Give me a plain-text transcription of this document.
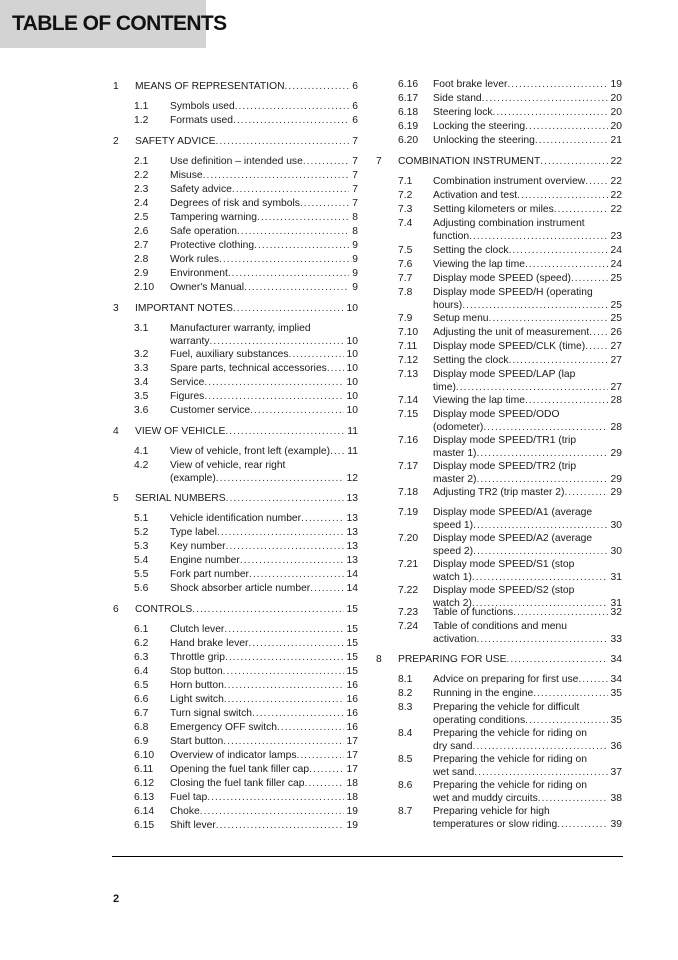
TABLE OF CONTENTS
1 MEANS OF REPRESENTATION .....	6
1.1 Symbols used .....	6
1.2 Formats used .....	6
2 SAFETY ADVICE .....	7
2.1 Use definition – intended use .....	7
2.2 Misuse .....	7
2.3 Safety advice .....	7
2.4 Degrees of risk and symbols .....	7
2.5 Tampering warning .....	8
2.6 Safe operation .....	8
2.7 Protective clothing .....	9
2.8 Work rules .....	9
2.9 Environment .....	9
2.10 Owner's Manual .....	9
3 IMPORTANT NOTES .....	10
3.1 Manufacturer warranty, implied
warranty .....	10
3.2 Fuel, auxiliary substances .....	10
3.3 Spare parts, technical accessories ..... 10
3.4 Service .....	10
3.5 Figures .....	10
3.6 Customer service .....	10
4 VIEW OF VEHICLE .....	11
4.1 View of vehicle, front left (example) ..... 11
4.2 View of vehicle, rear right
(example) .....	12
5 SERIAL NUMBERS .....	13
5.1 Vehicle identification number .....	13
5.2 Type label .....	13
5.3 Key number .....	13
5.4 Engine number .....	13
5.5 Fork part number .....	14
5.6 Shock absorber article number .....	14
6 CONTROLS .....	15
6.1 Clutch lever .....	15
6.2 Hand brake lever .....	15
6.3 Throttle grip .....	15
6.4 Stop button .....	15
6.5 Horn button .....	16
6.6 Light switch .....	16
6.7 Turn signal switch .....	16
6.8 Emergency OFF switch .....	16
6.9 Start button .....	17
6.10 Overview of indicator lamps .....	17
6.11 Opening the fuel tank filler cap .....	17
6.12 Closing the fuel tank filler cap .....	18
6.13 Fuel tap .....	18
6.14 Choke .....	19
6.15 Shift lever .....	19
6.16 Foot brake lever .....	19
6.17 Side stand .....	20
6.18 Steering lock .....	20
6.19 Locking the steering .....	20
6.20 Unlocking the steering .....	21
7 COMBINATION INSTRUMENT .....	22
7.1 Combination instrument overview ..... 22
7.2 Activation and test .....	22
7.3 Setting kilometers or miles .....	22
7.4 Adjusting combination instrument
function .....	23
7.5 Setting the clock .....	24
7.6 Viewing the lap time .....	24
7.7 Display mode SPEED (speed) .....	25
7.8 Display mode SPEED/H (operating
hours) .....	25
7.9 Setup menu .....	25
7.10 Adjusting the unit of measurement ..... 26
7.11 Display mode SPEED/CLK (time) ..... 27
7.12 Setting the clock .....	27
7.13 Display mode SPEED/LAP (lap
time) .....	27
7.14 Viewing the lap time .....	28
7.15 Display mode SPEED/ODO
(odometer) .....	28
7.16 Display mode SPEED/TR1 (trip
master 1) .....	29
7.17 Display mode SPEED/TR2 (trip
master 2) .....	29
7.18 Adjusting TR2 (trip master 2) .....	29
7.19 Display mode SPEED/A1 (average
speed 1) .....	30
7.20 Display mode SPEED/A2 (average
speed 2) .....	30
7.21 Display mode SPEED/S1 (stop
watch 1) .....	31
7.22 Display mode SPEED/S2 (stop
watch 2) .....	31
7.23 Table of functions .....	32
7.24 Table of conditions and menu
activation .....	33
8 PREPARING FOR USE .....	34
8.1 Advice on preparing for first use .....	34
8.2 Running in the engine .....	35
8.3 Preparing the vehicle for difficult
operating conditions .....	35
8.4 Preparing the vehicle for riding on
dry sand .....	36
8.5 Preparing the vehicle for riding on
wet sand .....	37
8.6 Preparing the vehicle for riding on
wet and muddy circuits .....	38
8.7 Preparing vehicle for high
temperatures or slow riding .....	39
2
